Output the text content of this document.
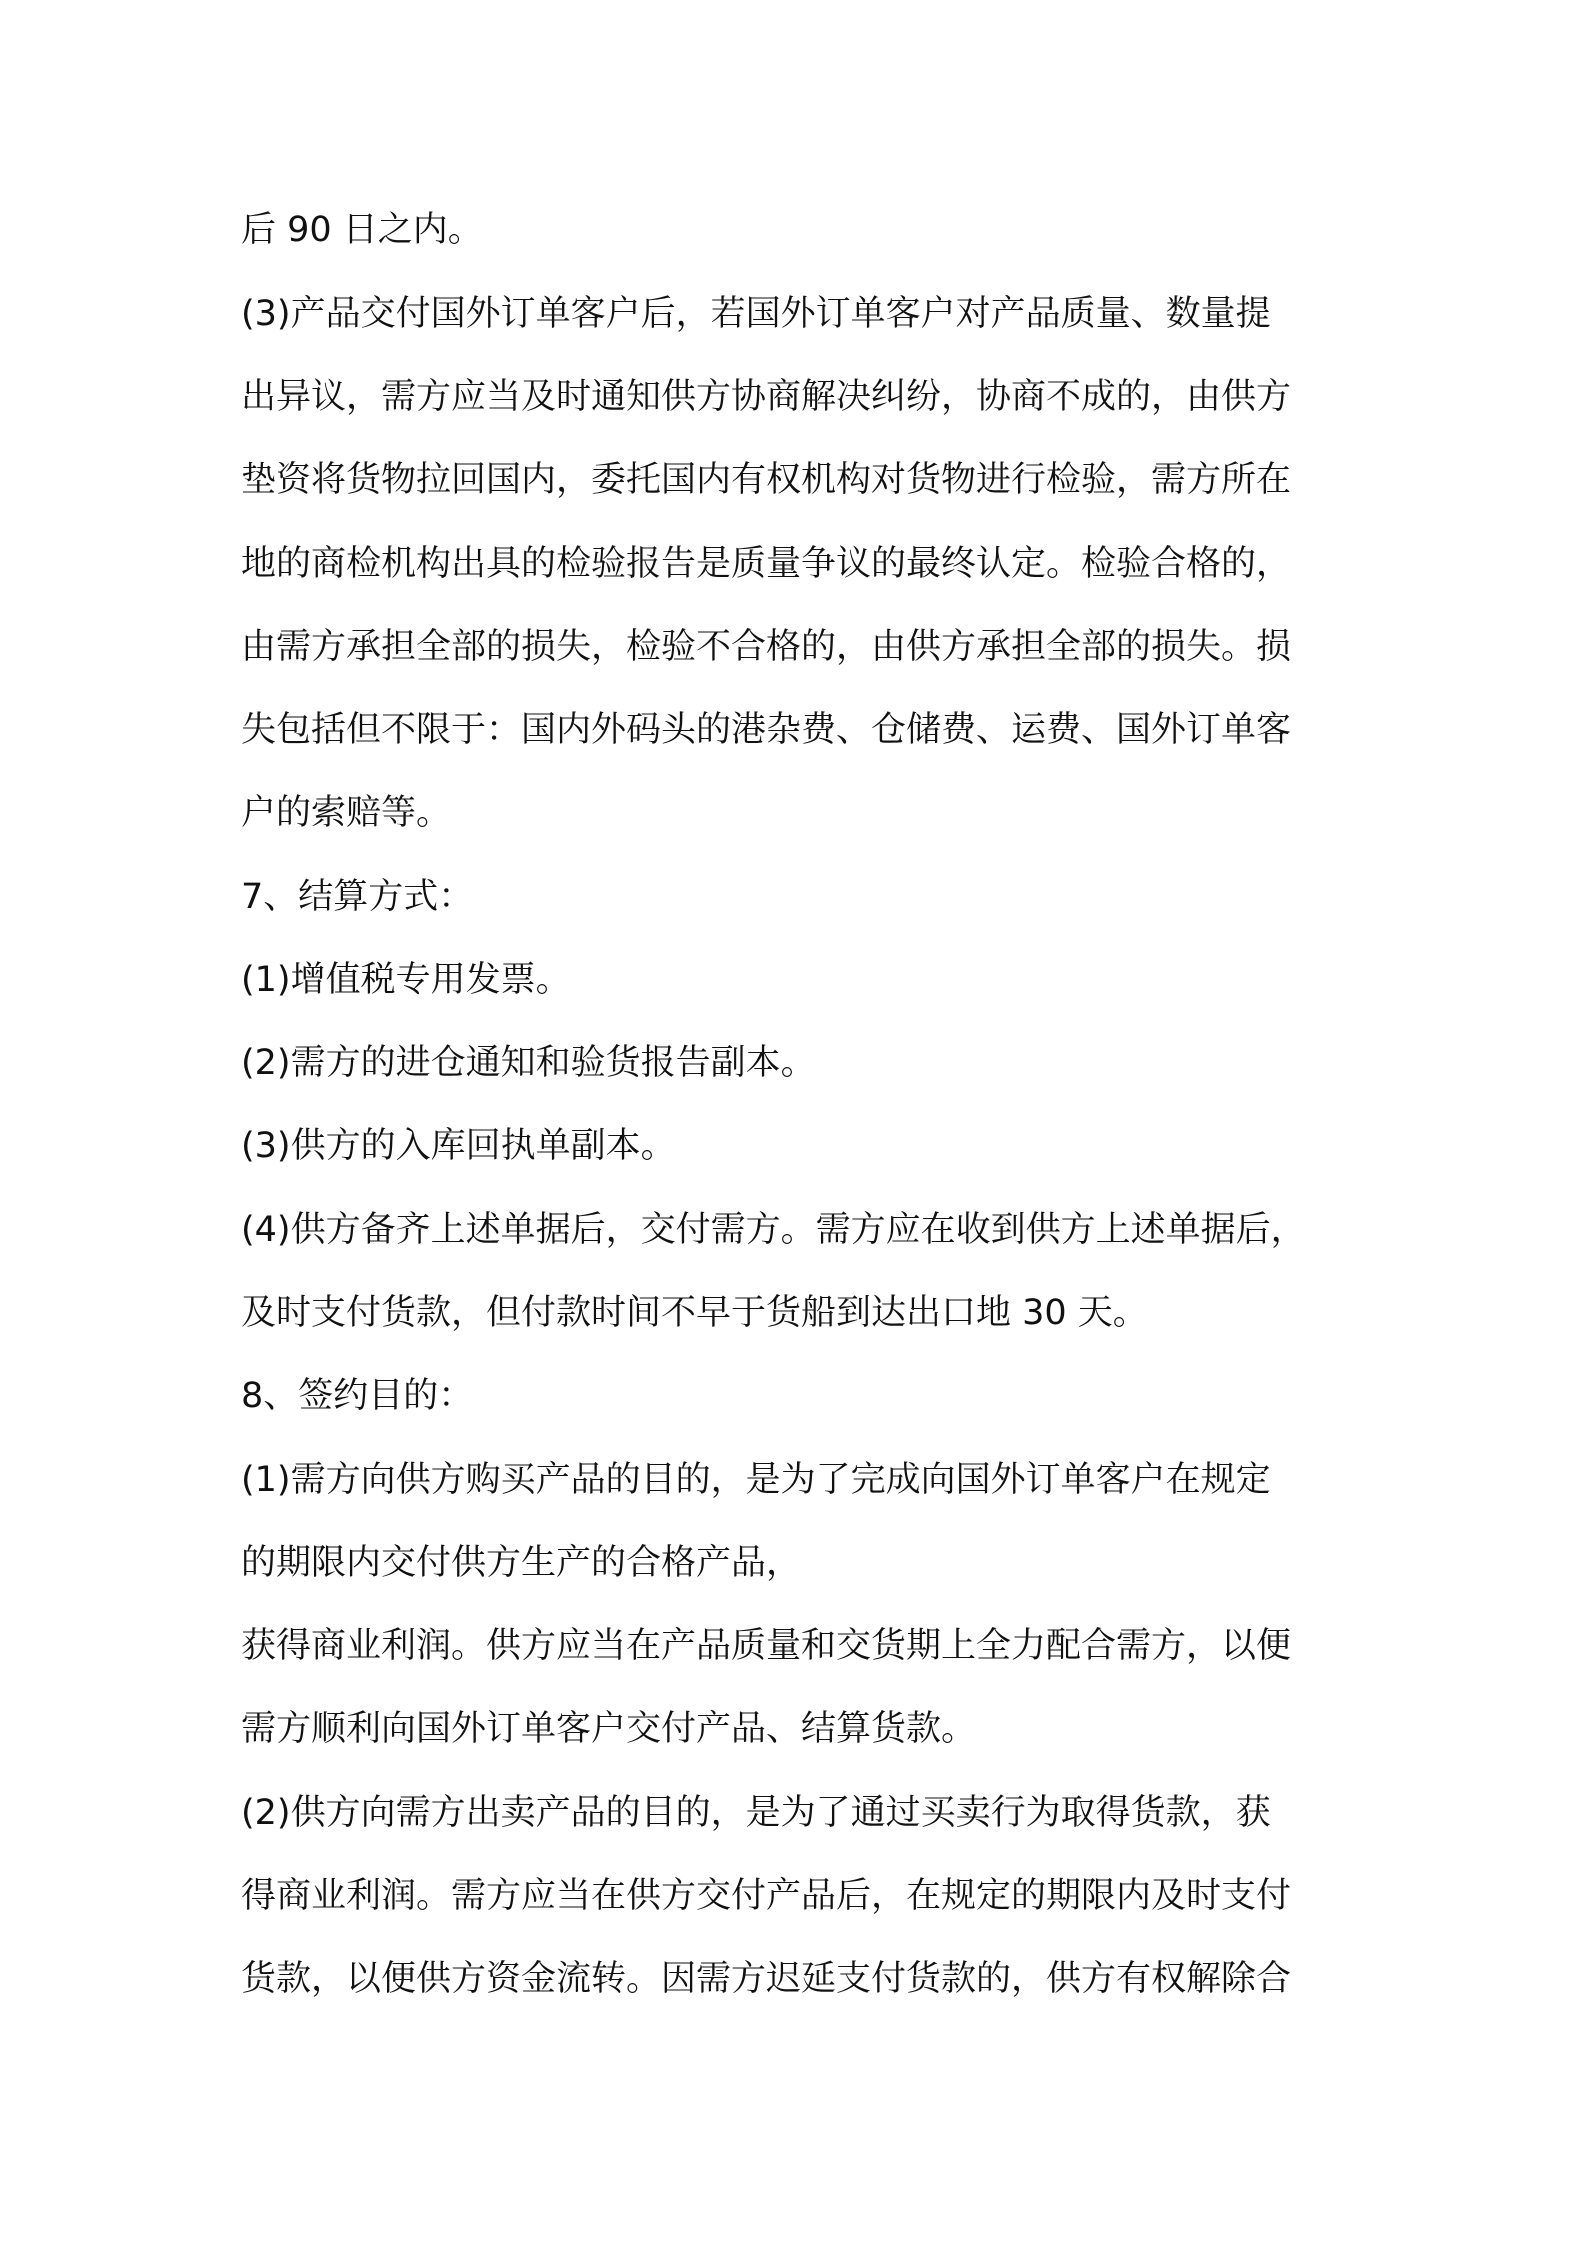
后 90 日之内。
(3)产品交付国外订单客户后，若国外订单客户对产品质量、数量提
出异议，需方应当及时通知供方协商解决纠纷，协商不成的，由供方
垫资将货物拉回国内，委托国内有权机构对货物进行检验，需方所在
地的商检机构出具的检验报告是质量争议的最终认定。检验合格的，
由需方承担全部的损失，检验不合格的，由供方承担全部的损失。损
失包括但不限于：国内外码头的港杂费、仓储费、运费、国外订单客
户的索赔等。
7、结算方式：
(1)增值税专用发票。
(2)需方的进仓通知和验货报告副本。
(3)供方的入库回执单副本。
(4)供方备齐上述单据后，交付需方。需方应在收到供方上述单据后，
及时支付货款，但付款时间不早于货船到达出口地 30 天。
8、签约目的：
(1)需方向供方购买产品的目的，是为了完成向国外订单客户在规定
的期限内交付供方生产的合格产品，
获得商业利润。供方应当在产品质量和交货期上全力配合需方，以便
需方顺利向国外订单客户交付产品、结算货款。
(2)供方向需方出卖产品的目的，是为了通过买卖行为取得货款，获
得商业利润。需方应当在供方交付产品后，在规定的期限内及时支付
货款，以便供方资金流转。因需方迟延支付货款的，供方有权解除合
